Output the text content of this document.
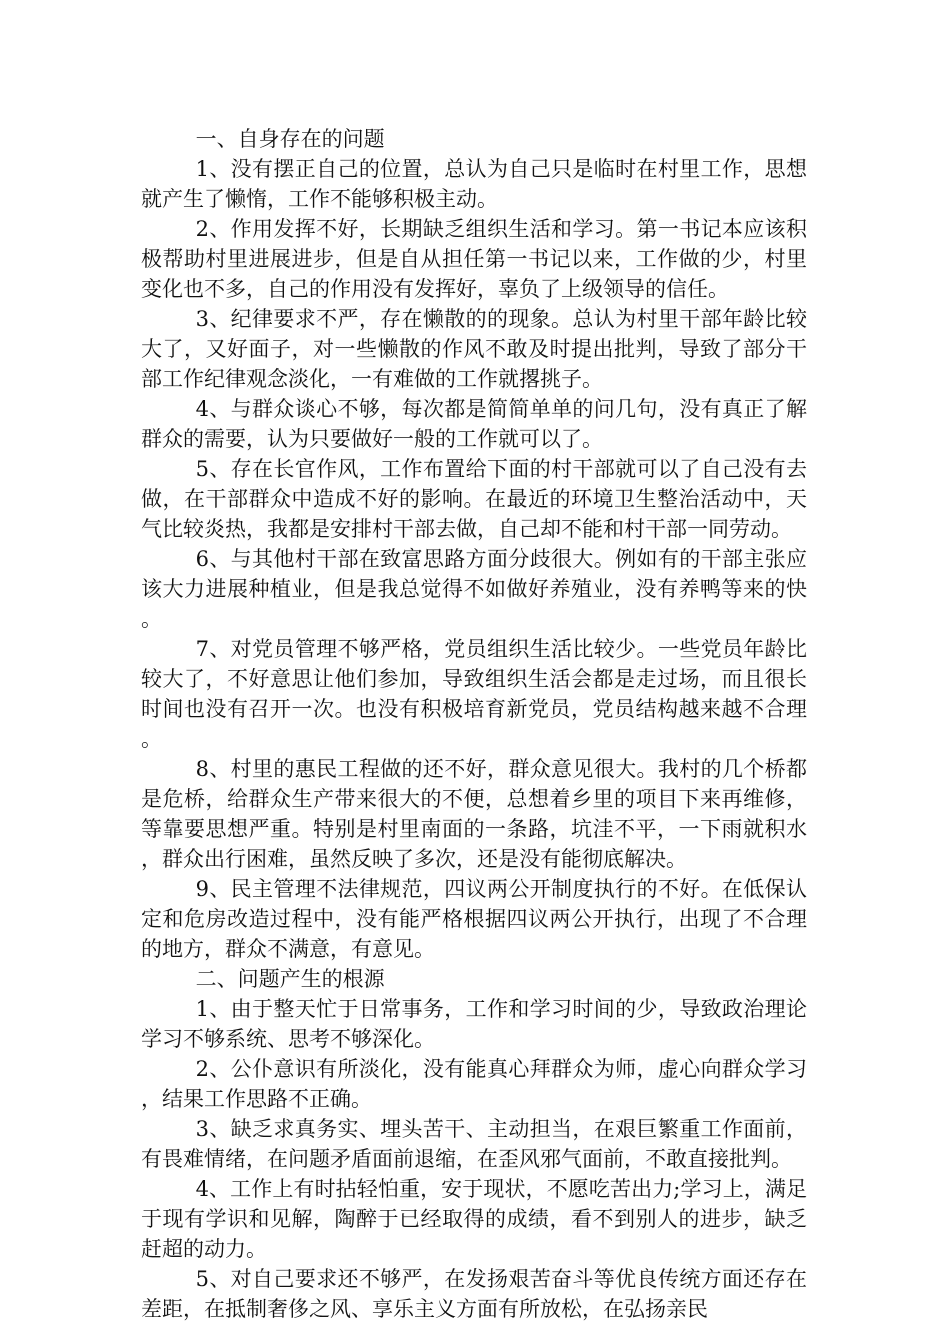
一、自身存在的问题

1、没有摆正自己的位置，总认为自己只是临时在村里工作，思想就产生了懒惰，工作不能够积极主动。

2、作用发挥不好，长期缺乏组织生活和学习。第一书记本应该积极帮助村里进展进步，但是自从担任第一书记以来，工作做的少，村里变化也不多，自己的作用没有发挥好，辜负了上级领导的信任。

3、纪律要求不严，存在懒散的的现象。总认为村里干部年龄比较大了，又好面子，对一些懒散的作风不敢及时提出批判，导致了部分干部工作纪律观念淡化，一有难做的工作就撂挑子。

4、与群众谈心不够，每次都是简简单单的问几句，没有真正了解群众的需要，认为只要做好一般的工作就可以了。

5、存在长官作风，工作布置给下面的村干部就可以了自己没有去做，在干部群众中造成不好的影响。在最近的环境卫生整治活动中，天气比较炎热，我都是安排村干部去做，自己却不能和村干部一同劳动。

6、与其他村干部在致富思路方面分歧很大。例如有的干部主张应该大力进展种植业，但是我总觉得不如做好养殖业，没有养鸭等来的快。

7、对党员管理不够严格，党员组织生活比较少。一些党员年龄比较大了，不好意思让他们参加，导致组织生活会都是走过场，而且很长时间也没有召开一次。也没有积极培育新党员，党员结构越来越不合理。

8、村里的惠民工程做的还不好，群众意见很大。我村的几个桥都是危桥，给群众生产带来很大的不便，总想着乡里的项目下来再维修，等靠要思想严重。特别是村里南面的一条路，坑洼不平，一下雨就积水，群众出行困难，虽然反映了多次，还是没有能彻底解决。

9、民主管理不法律规范，四议两公开制度执行的不好。在低保认定和危房改造过程中，没有能严格根据四议两公开执行，出现了不合理的地方，群众不满意，有意见。

二、问题产生的根源

1、由于整天忙于日常事务，工作和学习时间的少，导致政治理论学习不够系统、思考不够深化。

2、公仆意识有所淡化，没有能真心拜群众为师，虚心向群众学习，结果工作思路不正确。

3、缺乏求真务实、埋头苦干、主动担当，在艰巨繁重工作面前，有畏难情绪，在问题矛盾面前退缩，在歪风邪气面前，不敢直接批判。

4、工作上有时拈轻怕重，安于现状，不愿吃苦出力;学习上，满足于现有学识和见解，陶醉于已经取得的成绩，看不到别人的进步，缺乏赶超的动力。

5、对自己要求还不够严，在发扬艰苦奋斗等优良传统方面还存在差距，在抵制奢侈之风、享乐主义方面有所放松，在弘扬亲民
